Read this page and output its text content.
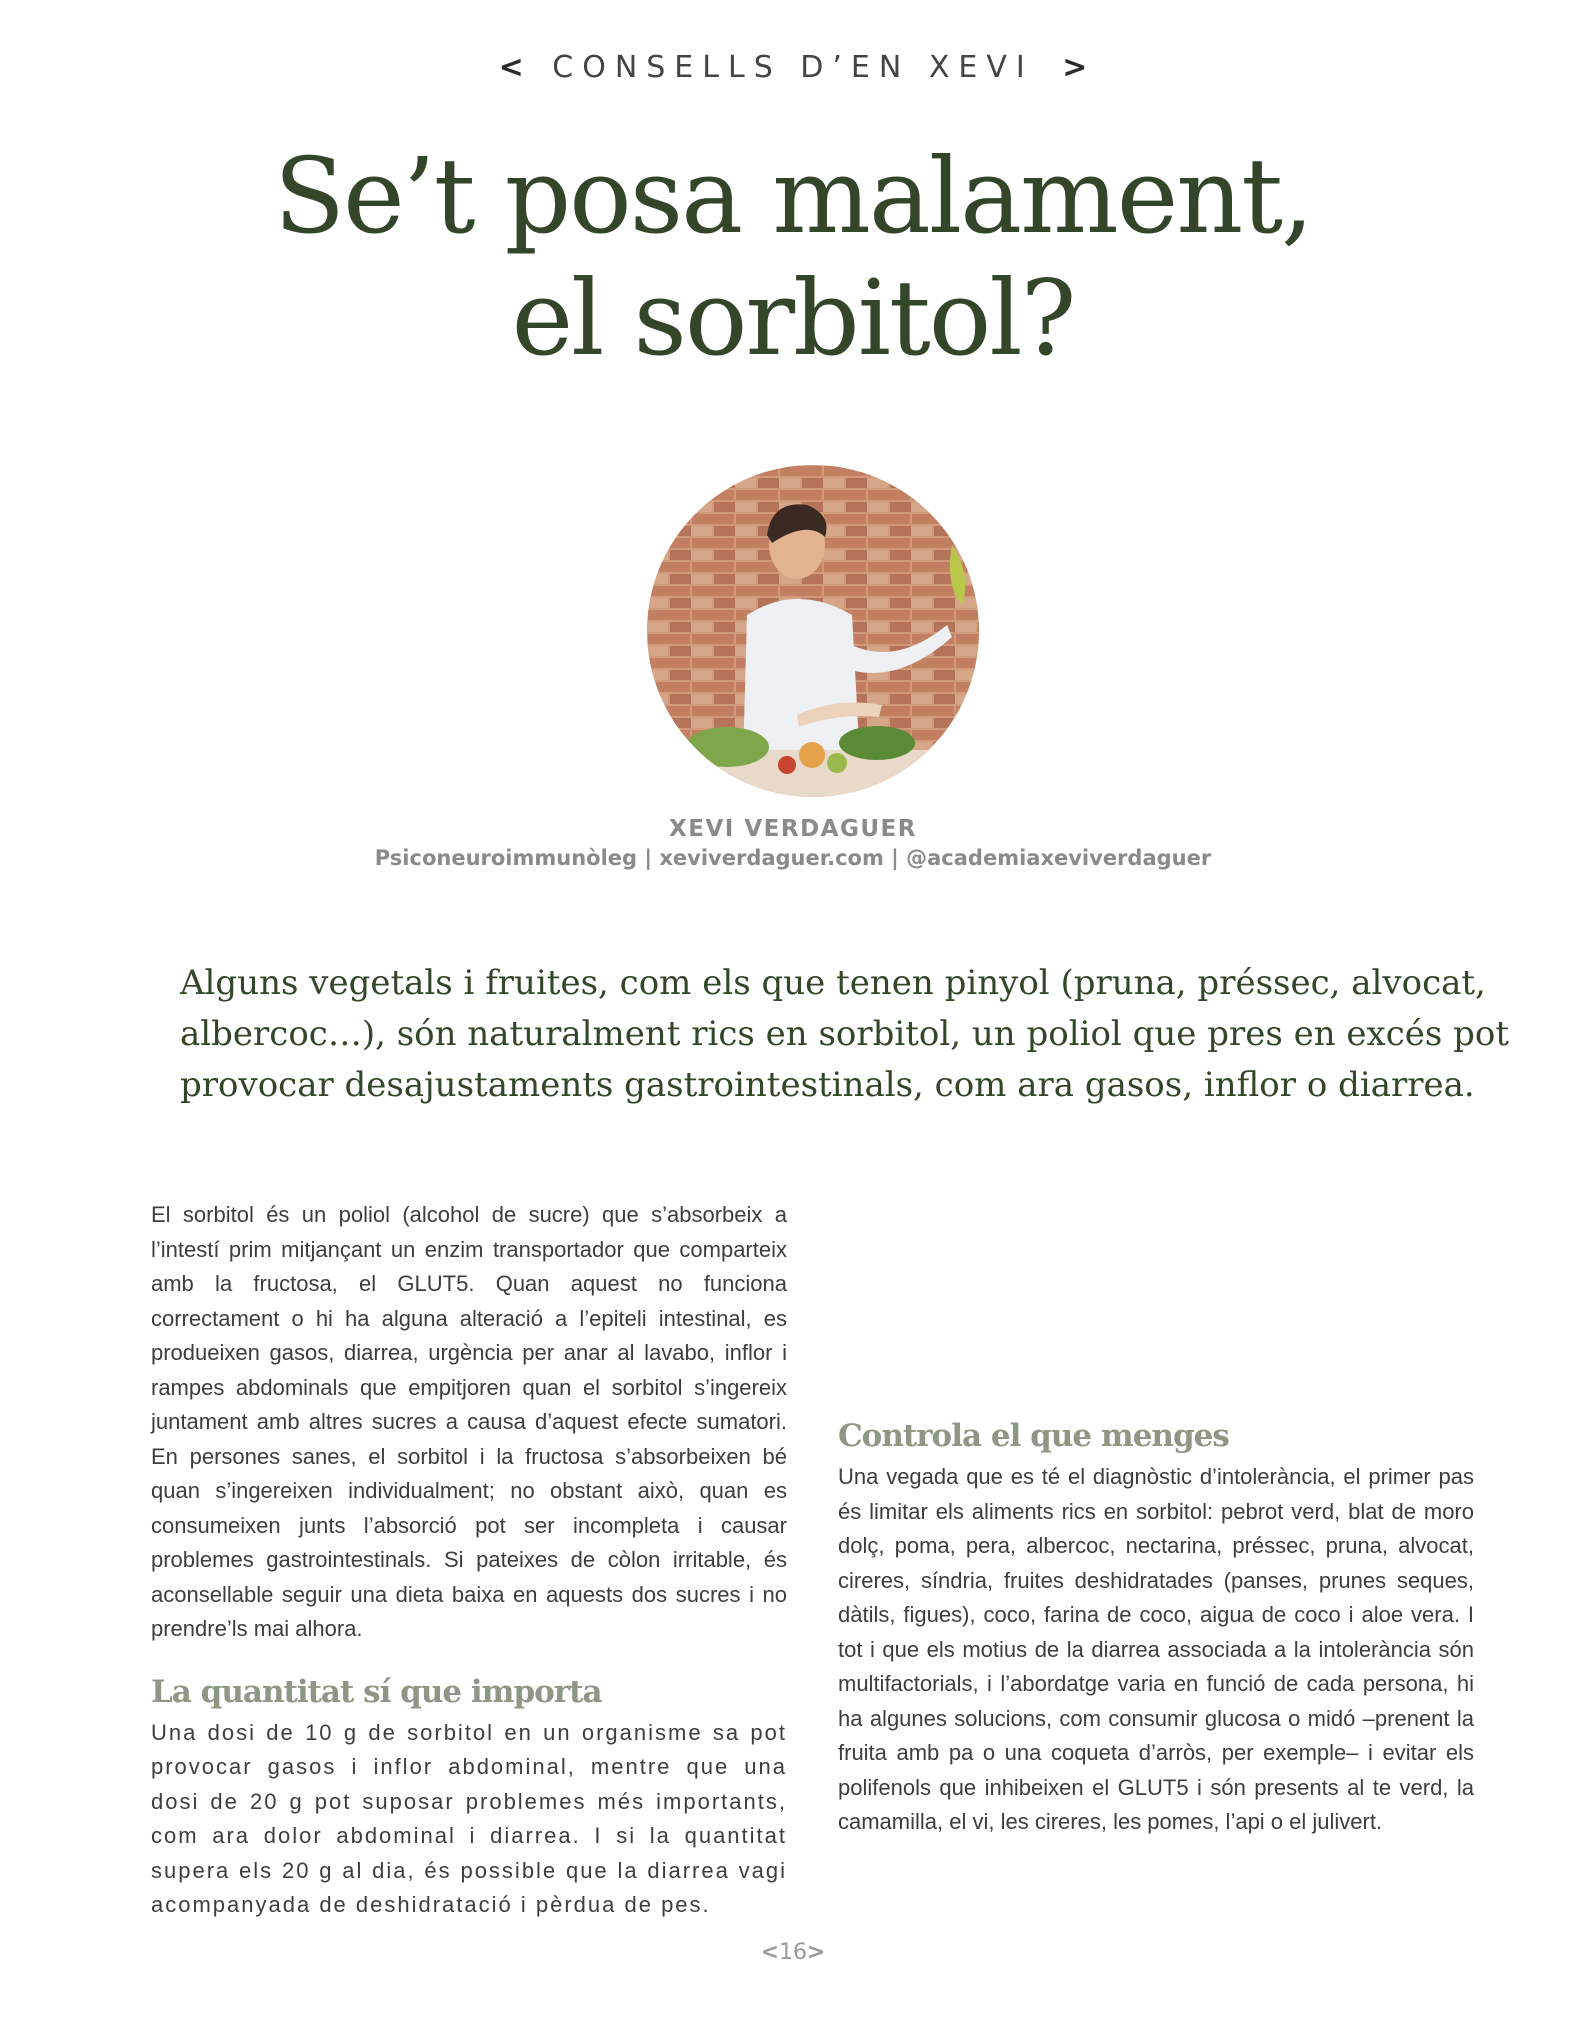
< CONSELLS D’EN XEVI >
Se’t posa malament,
el sorbitol?
XEVI VERDAGUER
Psiconeuroimmunòleg | xeviverdaguer.com | @academiaxeviverdaguer
Alguns vegetals i fruites, com els que tenen pinyol (pruna, préssec, alvocat,
albercoc…), són naturalment rics en sorbitol, un poliol que pres en excés pot
provocar desajustaments gastrointestinals, com ara gasos, inflor o diarrea.

El sorbitol és un poliol (alcohol de sucre) que s’absorbeix a l’intestí prim mitjançant un enzim transportador que comparteix amb la fructosa, el GLUT5. Quan aquest no funciona correctament o hi ha alguna alteració a l’epiteli intestinal, es produeixen gasos, diarrea, urgència per anar al lavabo, inflor i rampes abdominals que empitjoren quan el sorbitol s’ingereix juntament amb altres sucres a causa d’aquest efecte sumatori. En persones sanes, el sorbitol i la fructosa s’absorbeixen bé quan s’ingereixen individualment; no obstant això, quan es consumeixen junts l’absorció pot ser incompleta i causar problemes gastrointestinals. Si pateixes de còlon irritable, és aconsellable seguir una dieta baixa en aquests dos sucres i no prendre’ls mai alhora.

La quantitat sí que importa

Una dosi de 10 g de sorbitol en un organisme sa pot provocar gasos i inflor abdominal, mentre que una dosi de 20 g pot suposar problemes més importants, com ara dolor abdominal i diarrea. I si la quantitat supera els 20 g al dia, és possible que la diarrea vagi acompanyada de deshidratació i pèrdua de pes.

Controla el que menges

Una vegada que es té el diagnòstic d’intolerància, el primer pas és limitar els aliments rics en sorbitol: pebrot verd, blat de moro dolç, poma, pera, albercoc, nectarina, préssec, pruna, alvocat, cireres, síndria, fruites deshidratades (panses, prunes seques, dàtils, figues), coco, farina de coco, aigua de coco i aloe vera. I tot i que els motius de la diarrea associada a la intolerància són multifactorials, i l’abordatge varia en funció de cada persona, hi ha algunes solucions, com consumir glucosa o midó –prenent la fruita amb pa o una coqueta d’arròs, per exemple– i evitar els polifenols que inhibeixen el GLUT5 i són presents al te verd, la camamilla, el vi, les cireres, les pomes, l’api o el julivert.

<16>
